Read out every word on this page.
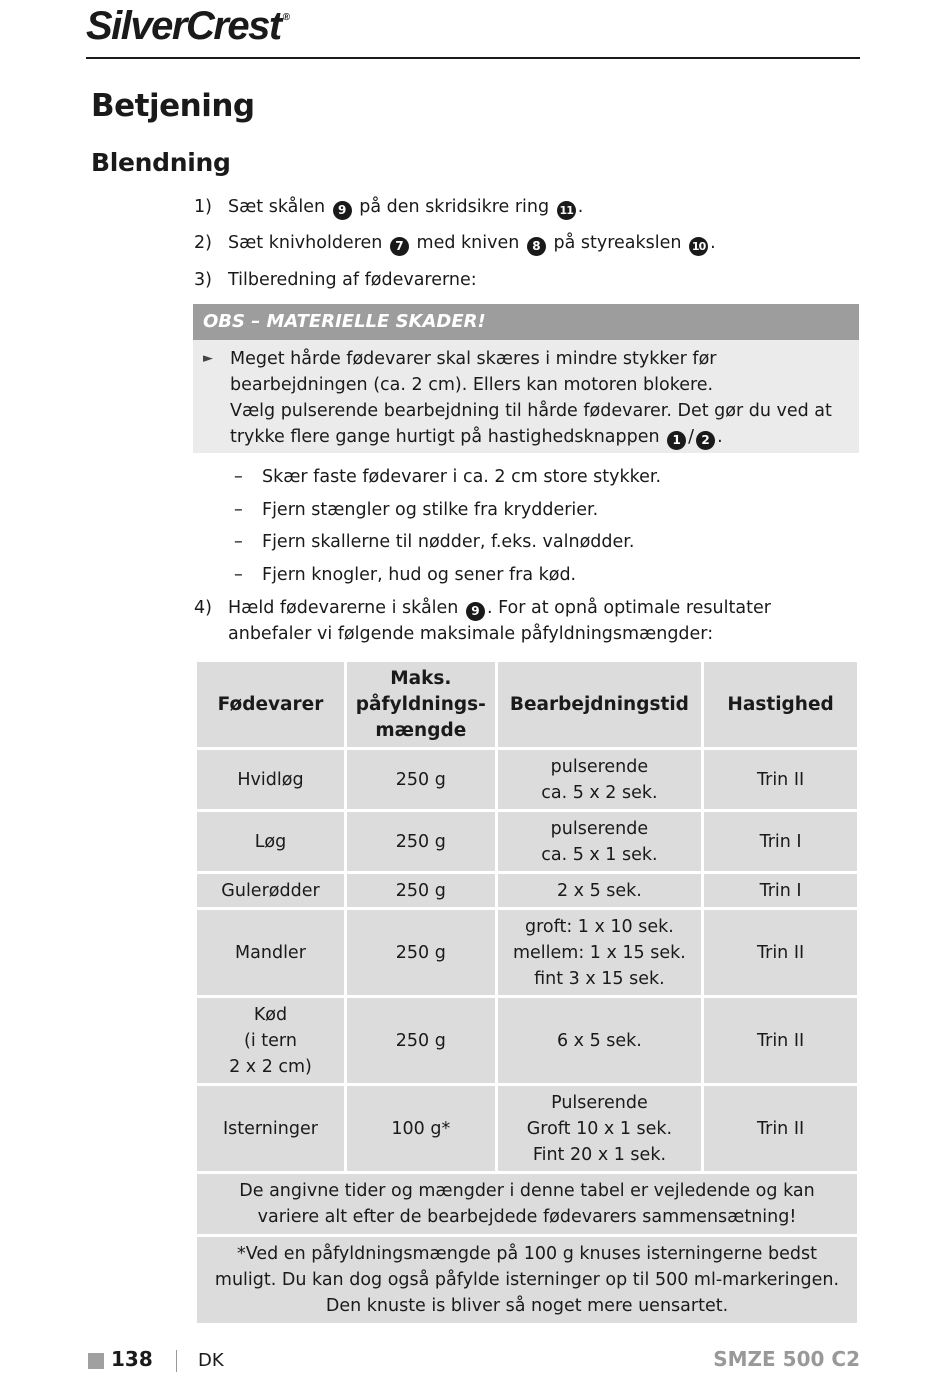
SilverCrest ®
Betjening
Blendning
1) Sæt skålen 9 på den skridsikre ring 11 .
2) Sæt knivholderen 7 med kniven 8 på styreakslen 10 .
3) Tilberedning af fødevarerne:
OBS – MATERIELLE SKADER!
► Meget hårde fødevarer skal skæres i mindre stykker før bearbejdningen (ca. 2 cm). Ellers kan motoren blokere.
Vælg pulserende bearbejdning til hårde fødevarer. Det gør du ved at trykke flere gange hurtigt på hastighedsknappen 1 / 2 .
–	Skær faste fødevarer i ca. 2 cm store stykker.
–	Fjern stængler og stilke fra krydderier.
–	Fjern skallerne til nødder, f.eks. valnødder.
–	Fjern knogler, hud og sener fra kød.
4) Hæld fødevarerne i skålen 9 . For at opnå optimale resultater anbefaler vi følgende maksimale påfyldningsmængder:
Fødevarer	Maks.
påfyldnings-
mængde	Bearbejdningstid	Hastighed

Hvidløg	250 g	pulserende
ca. 5 x 2 sek.	Trin II

Løg	250 g	pulserende
ca. 5 x 1 sek.	Trin I

Gulerødder	250 g	2 x 5 sek.	Trin I

Mandler	250 g	groft: 1 x 10 sek.
mellem: 1 x 15 sek.
fint 3 x 15 sek.	Trin II

Kød
(i tern
2 x 2 cm)	250 g	6 x 5 sek.	Trin II

Isterninger	100 g*	Pulserende
Groft 10 x 1 sek.
Fint 20 x 1 sek.	Trin II
De angivne tider og mængder i denne tabel er vejledende og kan variere alt efter de bearbejdede fødevarers sammensætning!			
*Ved en påfyldningsmængde på 100 g knuses isterningerne bedst muligt. Du kan dog også påfylde isterninger op til 500 ml-markeringen. Den knuste is bliver så noget mere uensartet.			
138	DK	SMZE 500 C2
